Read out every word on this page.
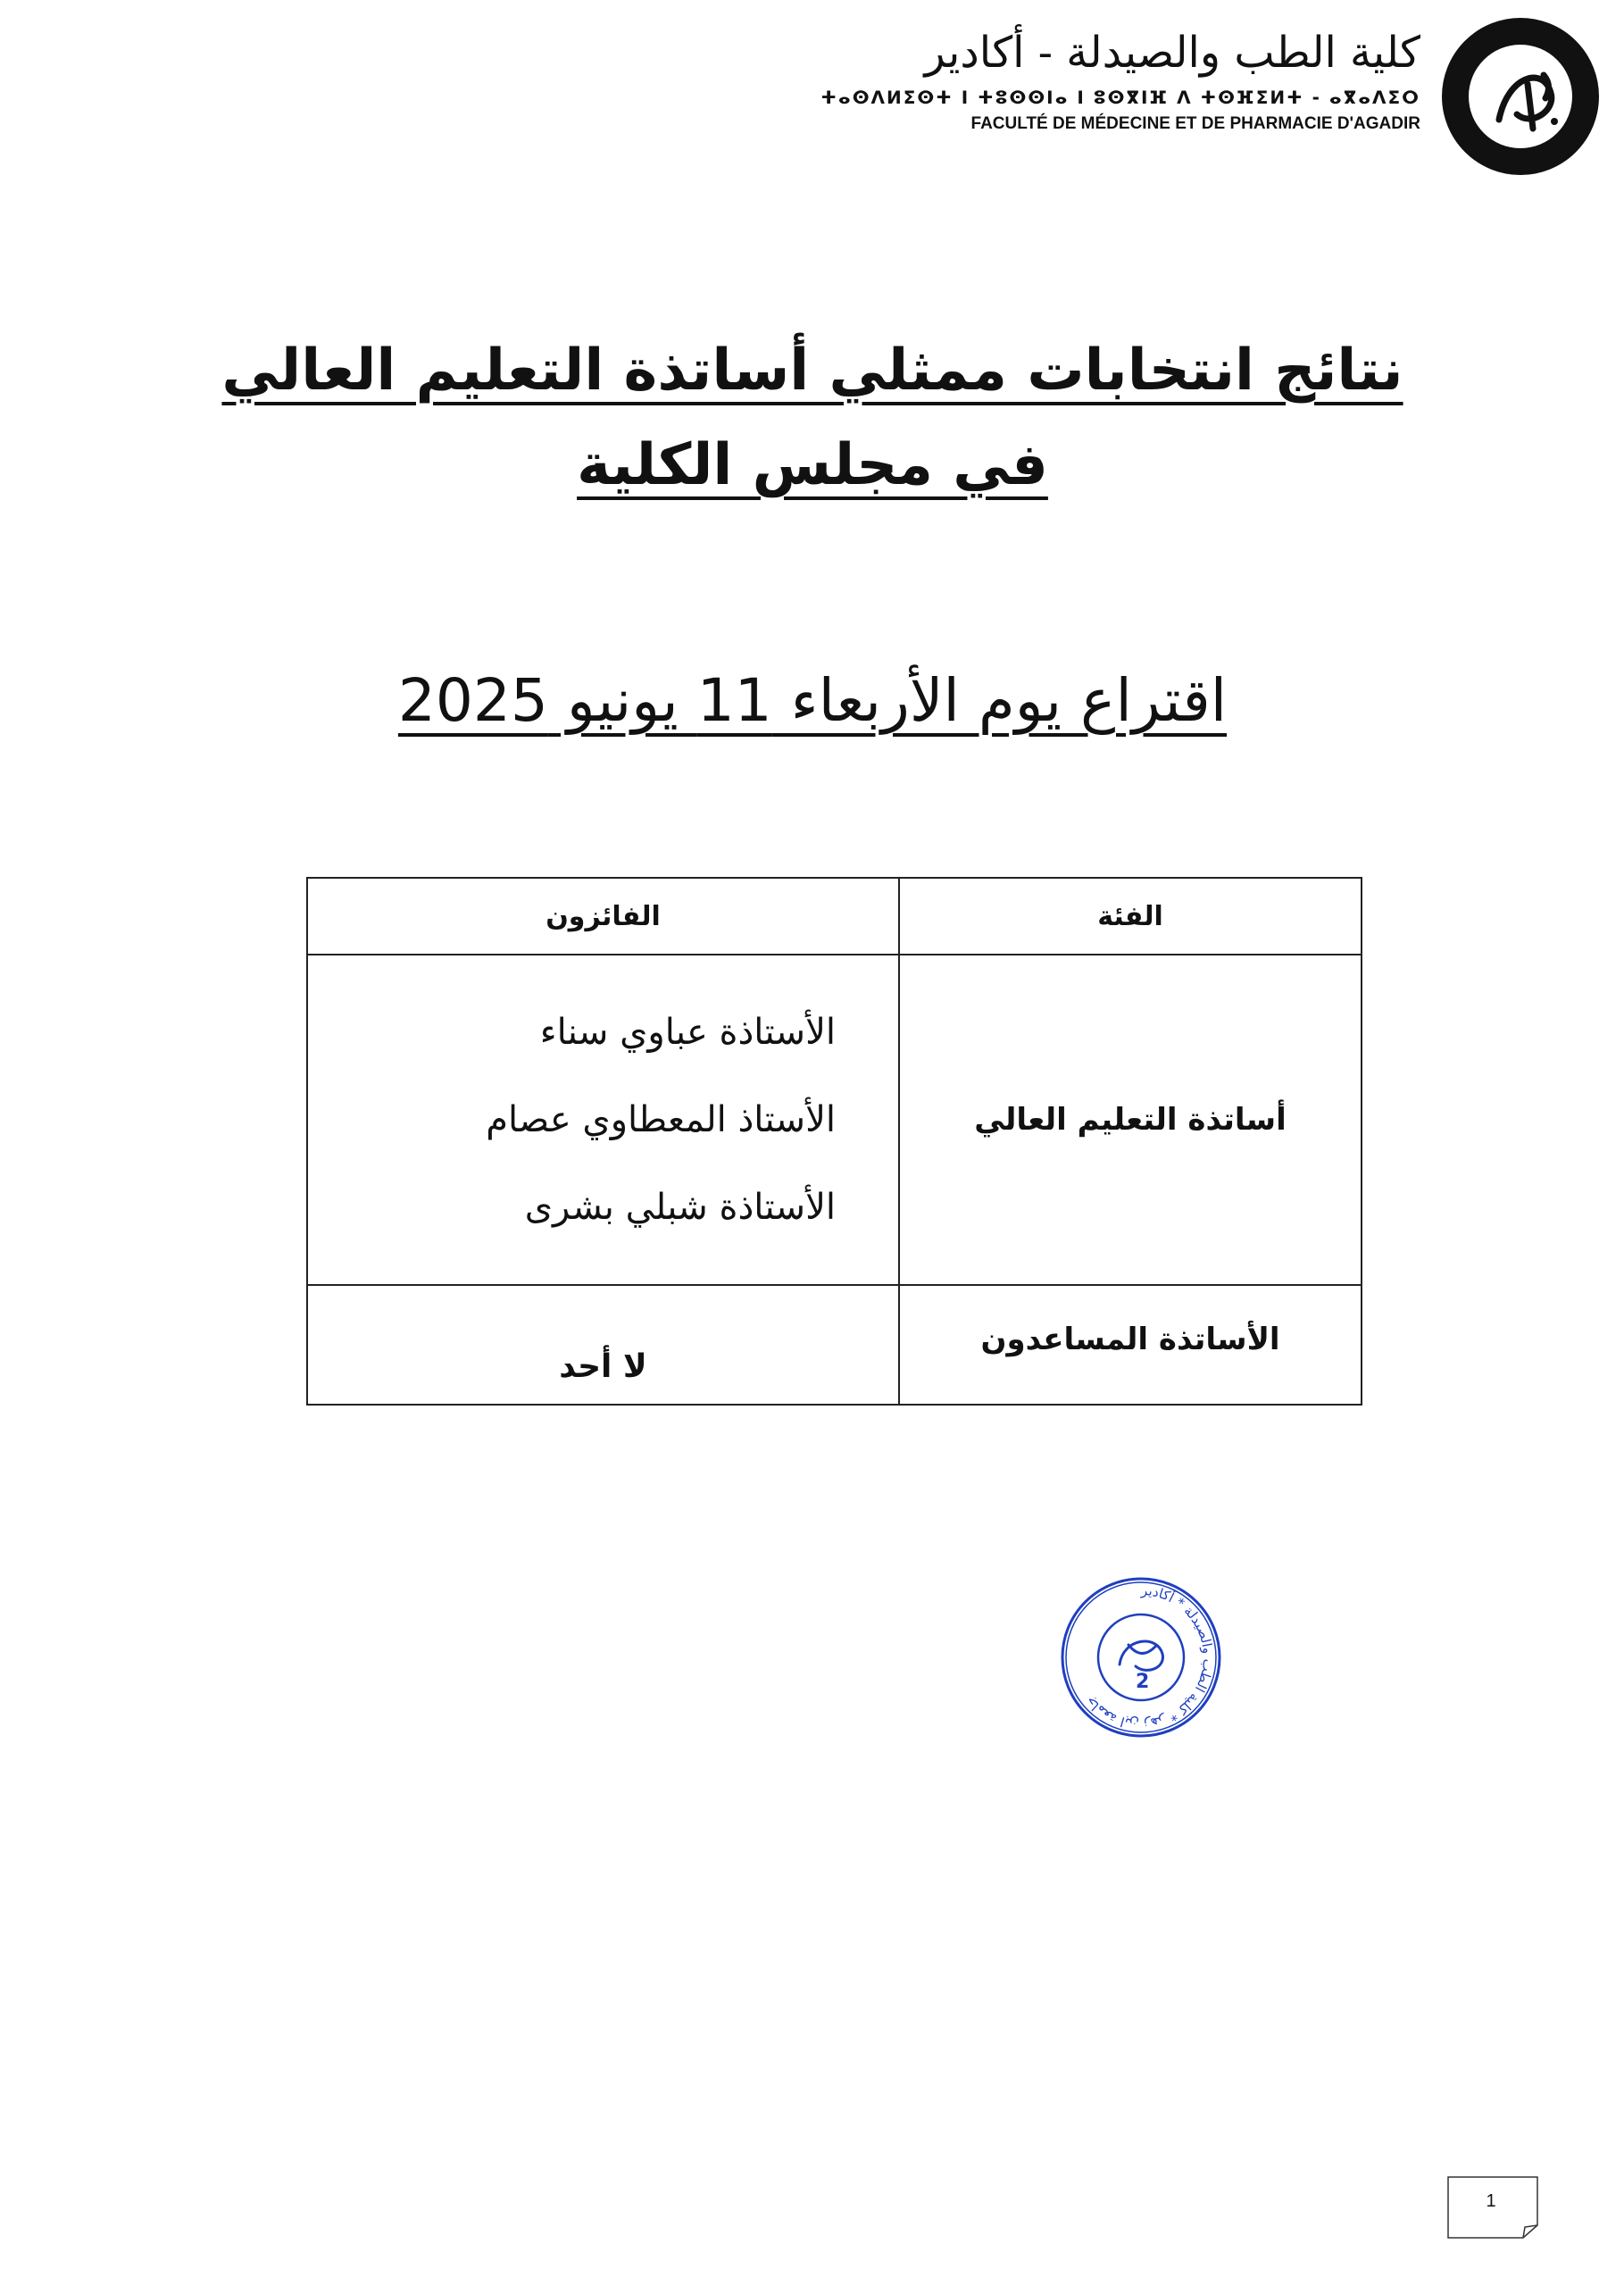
كلية الطب والصيدلة - أكادير
ⵜⴰⵙⴷⵍⵉⵙⵜ ⵏ ⵜⵓⵙⵙⵏⴰ ⵏ ⵓⵙⴳⵏⴼ ⴷ ⵜⵙⴼⵉⵍⵜ - ⴰⴳⴰⴷⵉⵔ
FACULTÉ DE MÉDECINE ET DE PHARMACIE D'AGADIR
نتائج انتخابات ممثلي أساتذة التعليم العالي في مجلس الكلية
اقتراع يوم الأربعاء 11 يونيو 2025
الفئة	الفائزون
أساتذة التعليم العالي	الأستاذة عباوي سناء
الأستاذ المعطاوي عصام
الأستاذة شبلي بشرى

الأساتذة المساعدون	لا أحد
جامعة ابن زهر * كلية الطب والصيدلة * أكادير
2
1
